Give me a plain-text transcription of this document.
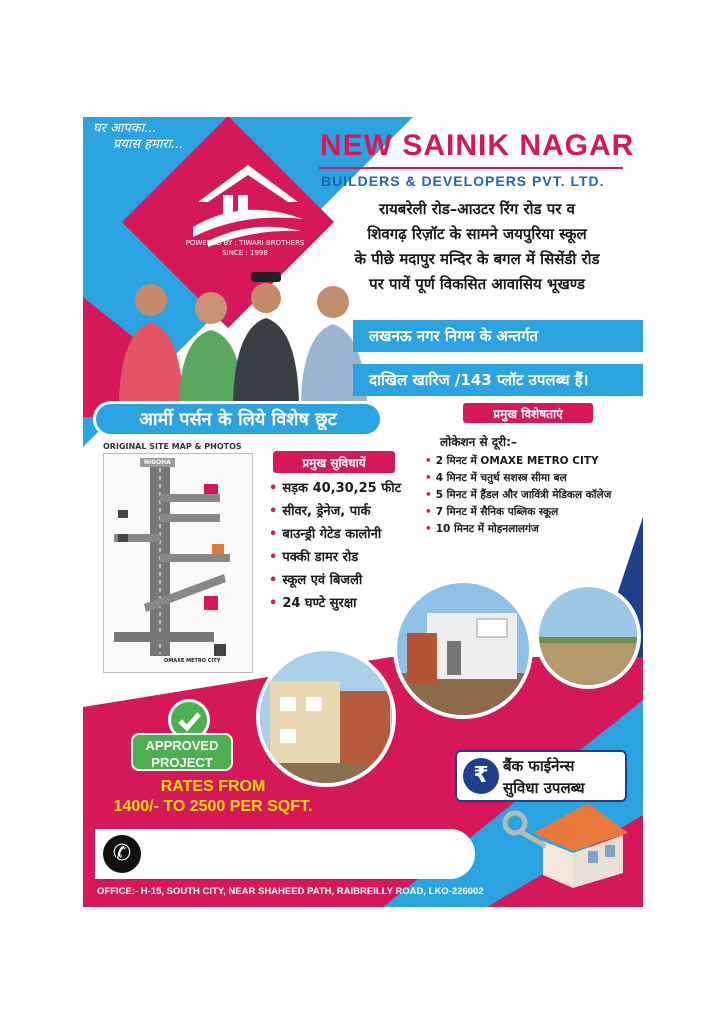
घर आपका...
प्रयास हमारा...
POWERED BY : TIWARI BROTHERS
SINCE : 1998
NEW SAINIK NAGAR
BUILDERS & DEVELOPERS PVT. LTD.
रायबरेली रोड–आउटर रिंग रोड पर व
शिवगढ़ रिज़ॉट के सामने जयपुरिया स्कूल
के पीछे मदापुर मन्दिर के बगल में सिसेंडी रोड
पर पायें पूर्ण विकसित आवासिय भूखण्ड
लखनऊ नगर निगम के अन्तर्गत
दाखिल खारिज /143 प्लॉट उपलब्ध हैं।
आर्मी पर्सन के लिये विशेष छूट	प्रमुख विशेषताएं
लोकेशन से दूरी:–
• 2 मिनट में OMAXE METRO CITY
• 4 मिनट में चतुर्थ सशस्त्र सीमा बल
• 5 मिनट में हैंडल और जाविंत्री मेडिकल कॉलेज
• 7 मिनट में सैनिक पब्लिक स्कूल
• 10 मिनट में मोहनलालगंज
ORIGINAL SITE MAP & PHOTOS
NIGOHA
OMAXE METRO CITY
प्रमुख सुविधायें
• सड़क 40,30,25 फीट
• सीवर, ड्रेनेज, पार्क
• बाउन्ड्री गेटेड कालोनी
• पक्की डामर रोड
• स्कूल एवं बिजली
• 24 घण्टे सुरक्षा
APPROVED
PROJECT
RATES FROM
1400/- TO 2500 PER SQFT.
₹ बैंक फाईनेन्स
सुविधा उपलब्ध
✆
OFFICE:- H-15, SOUTH CITY, NEAR SHAHEED PATH, RAIBREILLY ROAD, LKO-226002
